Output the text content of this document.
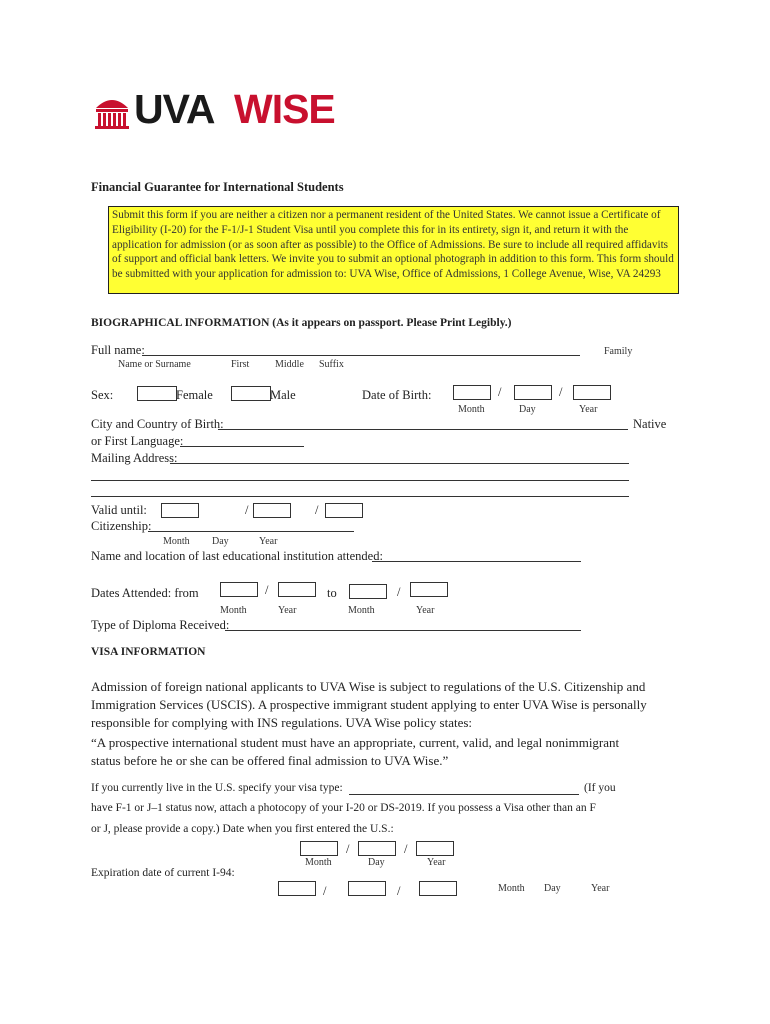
UVA WISE
Financial Guarantee for International Students
Submit this form if you are neither a citizen nor a permanent resident of the United States. We cannot issue a Certificate of Eligibility (I-20) for the F-1/J-1 Student Visa until you complete this for in its entirety, sign it, and return it with the application for admission (or as soon after as possible) to the Office of Admissions. Be sure to include all required affidavits of support and official bank letters. We invite you to submit an optional photograph in addition to this form. This form should be submitted with your application for admission to: UVA Wise, Office of Admissions, 1 College Avenue, Wise, VA 24293
BIOGRAPHICAL INFORMATION (As it appears on passport. Please Print Legibly.)
Full name:	Family
Name or Surname	First	Middle Suffix
Sex:	Female	Male	Date of Birth:	/	/
Month	Day	Year
City and Country of Birth:	Native
or First Language:
Mailing Address:
Valid until:	/	/
Citizenship:
Month Day	Year
Name and location of last educational institution attended:
Dates Attended: from	/	to	/
Month	Year	Month	Year
Type of Diploma Received:
VISA INFORMATION
Admission of foreign national applicants to UVA Wise is subject to regulations of the U.S. Citizenship and Immigration Services (USCIS). A prospective immigrant student applying to enter UVA Wise is personally responsible for complying with INS regulations. UVA Wise policy states:
“A prospective international student must have an appropriate, current, valid, and legal nonimmigrant status before he or she can be offered final admission to UVA Wise.”
If you currently live in the U.S. specify your visa type:	(If you
have F-1 or J–1 status now, attach a photocopy of your I-20 or DS-2019. If you possess a Visa other than an F
or J, please provide a copy.) Date when you first entered the U.S.:
/	/
Month	Day	Year
Expiration date of current I-94:
/	/	Month Day	Year
